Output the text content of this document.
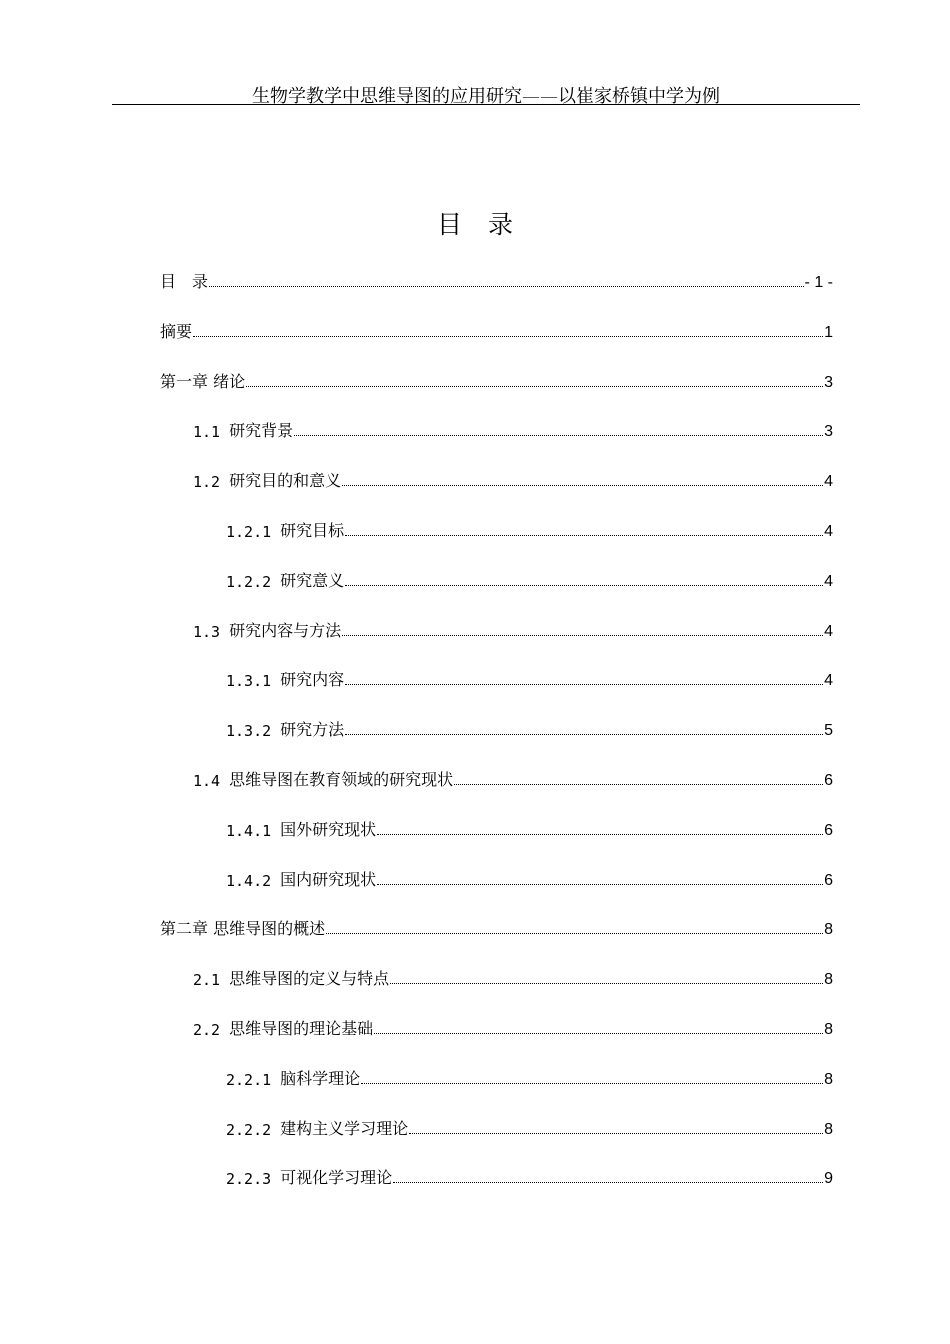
生物学教学中思维导图的应用研究——以崔家桥镇中学为例
目录
目　录	- 1 -
摘要	1
第一章 绪论	3
1.1 研究背景	3
1.2 研究目的和意义	4
1.2.1 研究目标	4
1.2.2 研究意义	4
1.3 研究内容与方法	4
1.3.1 研究内容	4
1.3.2 研究方法	5
1.4 思维导图在教育领域的研究现状	6
1.4.1 国外研究现状	6
1.4.2 国内研究现状	6
第二章 思维导图的概述	8
2.1 思维导图的定义与特点	8
2.2 思维导图的理论基础	8
2.2.1 脑科学理论	8
2.2.2 建构主义学习理论	8
2.2.3 可视化学习理论	9
